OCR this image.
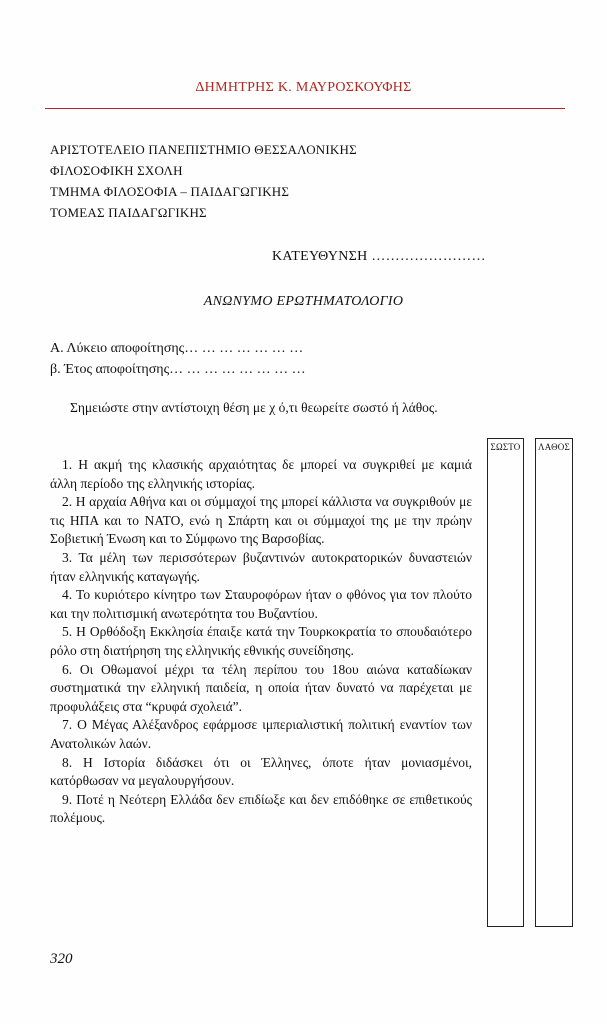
ΔΗΜΗΤΡΗΣ Κ. ΜΑΥΡΟΣΚΟΥΦΗΣ
ΑΡΙΣΤΟΤΕΛΕΙΟ ΠΑΝΕΠΙΣΤΗΜΙΟ ΘΕΣΣΑΛΟΝΙΚΗΣ
ΦΙΛΟΣΟΦΙΚΗ ΣΧΟΛΗ
ΤΜΗΜΑ ΦΙΛΟΣΟΦΙΑ – ΠΑΙΔΑΓΩΓΙΚΗΣ
ΤΟΜΕΑΣ ΠΑΙΔΑΓΩΓΙΚΗΣ
ΚΑΤΕΥΘΥΝΣΗ ……………………
ΑΝΩΝΥΜΟ ΕΡΩΤΗΜΑΤΟΛΟΓΙΟ
Α. Λύκειο αποφοίτησης… … … … … … …
β. Έτος αποφοίτησης… … … … … … … …
Σημειώστε στην αντίστοιχη θέση με χ ό,τι θεωρείτε σωστό ή λάθος.
ΣΩΣΤΟ ΛΑΘΟΣ
1. Η ακμή της κλασικής αρχαιότητας δε μπορεί να συγκριθεί με καμιά άλλη περίοδο της ελληνικής ιστορίας.
2. Η αρχαία Αθήνα και οι σύμμαχοί της μπορεί κάλλιστα να συγκριθούν με τις ΗΠΑ και το ΝΑΤΟ, ενώ η Σπάρτη και οι σύμμαχοί της με την πρώην Σοβιετική Ένωση και το Σύμφωνο της Βαρσοβίας.
3. Τα μέλη των περισσότερων βυζαντινών αυτοκρατορικών δυναστειών ήταν ελληνικής καταγωγής.
4. Το κυριότερο κίνητρο των Σταυροφόρων ήταν ο φθόνος για τον πλούτο και την πολιτισμική ανωτερότητα του Βυζαντίου.
5. Η Ορθόδοξη Εκκλησία έπαιξε κατά την Τουρκοκρατία το σπουδαιότερο ρόλο στη διατήρηση της ελληνικής εθνικής συνείδησης.
6. Οι Οθωμανοί μέχρι τα τέλη περίπου του 18ου αιώνα καταδίωκαν συστηματικά την ελληνική παιδεία, η οποία ήταν δυνατό να παρέχεται με προφυλάξεις στα “κρυφά σχολειά”.
7. Ο Μέγας Αλέξανδρος εφάρμοσε ιμπεριαλιστική πολιτική εναντίον των Ανατολικών λαών.
8. Η Ιστορία διδάσκει ότι οι Έλληνες, όποτε ήταν μονιασμένοι, κατόρθωσαν να μεγαλουργήσουν.
9. Ποτέ η Νεότερη Ελλάδα δεν επιδίωξε και δεν επιδόθηκε σε επιθετικούς πολέμους.
320
